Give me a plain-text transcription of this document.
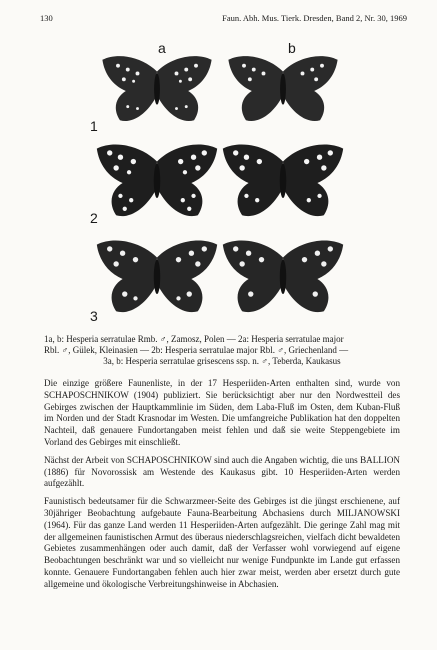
130	Faun. Abh. Mus. Tierk. Dresden, Band 2, Nr. 30, 1969
a	b
1
2
3
1a, b: Hesperia serratulae Rmb. ♂, Zamosz, Polen — 2a: Hesperia serratulae major
Rbl. ♂, Gülek, Kleinasien — 2b: Hesperia serratulae major Rbl. ♂, Griechenland —
3a, b: Hesperia serratulae grisescens ssp. n. ♂, Teberda, Kaukasus

Die einzige größere Faunenliste, in der 17 Hesperiiden-Arten enthalten sind, wurde von SCHAPOSCHNIKOW (1904) publiziert. Sie berücksichtigt aber nur den Nordwestteil des Gebirges zwischen der Hauptkammlinie im Süden, dem Laba-Fluß im Osten, dem Kuban-Fluß im Norden und der Stadt Krasnodar im Westen. Die umfangreiche Publikation hat den doppelten Nachteil, daß genauere Fundortangaben meist fehlen und daß sie weite Steppengebiete im Vorland des Gebirges mit einschließt.

Nächst der Arbeit von SCHAPOSCHNIKOW sind auch die Angaben wichtig, die uns BALLION (1886) für Novorossisk am Westende des Kaukasus gibt. 10 Hesperiiden-Arten werden aufgezählt.

Faunistisch bedeutsamer für die Schwarzmeer-Seite des Gebirges ist die jüngst erschienene, auf 30jähriger Beobachtung aufgebaute Fauna-Bearbeitung Abchasiens durch MILJANOWSKI (1964). Für das ganze Land werden 11 Hesperiiden-Arten aufgezählt. Die geringe Zahl mag mit der allgemeinen faunistischen Armut des überaus niederschlagsreichen, vielfach dicht bewaldeten Gebietes zusammenhängen oder auch damit, daß der Verfasser wohl vorwiegend auf eigene Beobachtungen beschränkt war und so vielleicht nur wenige Fundpunkte im Lande gut erfassen konnte. Genauere Fundortangaben fehlen auch hier zwar meist, werden aber ersetzt durch gute allgemeine und ökologische Verbreitungshinweise in Abchasien.
